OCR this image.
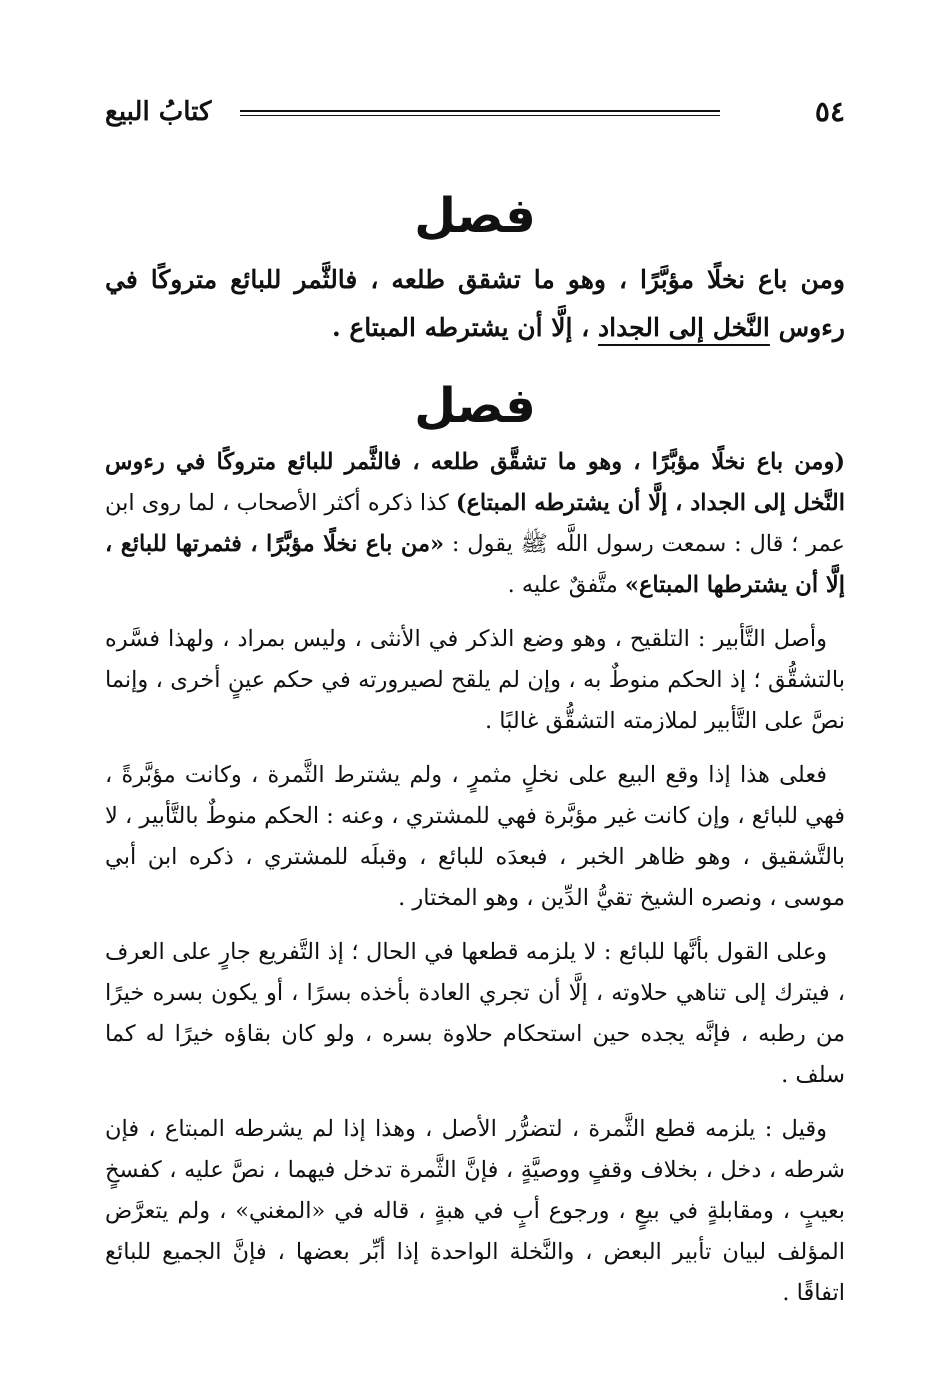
٥٤
كتابُ البيع
فصل

ومن باع نخلًا مؤبَّرًا ، وهو ما تشقق طلعه ، فالثَّمر للبائع متروكًا في رءوس النَّخل إلى الجداد ، إلَّا أن يشترطه المبتاع .

فصل

(ومن باع نخلًا مؤبَّرًا ، وهو ما تشقَّق طلعه ، فالثَّمر للبائع متروكًا في رءوس النَّخل إلى الجداد ، إلَّا أن يشترطه المبتاع) كذا ذكره أكثر الأصحاب ، لما روى ابن عمر ؛ قال : سمعت رسول اللَّه ﷺ يقول : «من باع نخلًا مؤبَّرًا ، فثمرتها للبائع ، إلَّا أن يشترطها المبتاع» متَّفقٌ عليه .

وأصل التَّأبير : التلقيح ، وهو وضع الذكر في الأنثى ، وليس بمراد ، ولهذا فسَّره بالتشقُّق ؛ إذ الحكم منوطٌ به ، وإن لم يلقح لصيرورته في حكم عينٍ أخرى ، وإنما نصَّ على التَّأبير لملازمته التشقُّق غالبًا .

فعلى هذا إذا وقع البيع على نخلٍ مثمرٍ ، ولم يشترط الثَّمرة ، وكانت مؤبَّرةً ، فهي للبائع ، وإن كانت غير مؤبَّرة فهي للمشتري ، وعنه : الحكم منوطٌ بالتَّأبير ، لا بالتَّشقيق ، وهو ظاهر الخبر ، فبعدَه للبائع ، وقبلَه للمشتري ، ذكره ابن أبي موسى ، ونصره الشيخ تقيُّ الدِّين ، وهو المختار .

وعلى القول بأنَّها للبائع : لا يلزمه قطعها في الحال ؛ إذ التَّفريع جارٍ على العرف ، فيترك إلى تناهي حلاوته ، إلَّا أن تجري العادة بأخذه بسرًا ، أو يكون بسره خيرًا من رطبه ، فإنَّه يجده حين استحكام حلاوة بسره ، ولو كان بقاؤه خيرًا له كما سلف .

وقيل : يلزمه قطع الثَّمرة ، لتضرُّر الأصل ، وهذا إذا لم يشرطه المبتاع ، فإن شرطه ، دخل ، بخلاف وقفٍ ووصيَّةٍ ، فإنَّ الثَّمرة تدخل فيهما ، نصَّ عليه ، كفسخٍ بعيبٍ ، ومقابلةٍ في بيعٍ ، ورجوع أبٍ في هبةٍ ، قاله في «المغني» ، ولم يتعرَّض المؤلف لبيان تأبير البعض ، والنَّخلة الواحدة إذا أبِّر بعضها ، فإنَّ الجميع للبائع اتفاقًا .
